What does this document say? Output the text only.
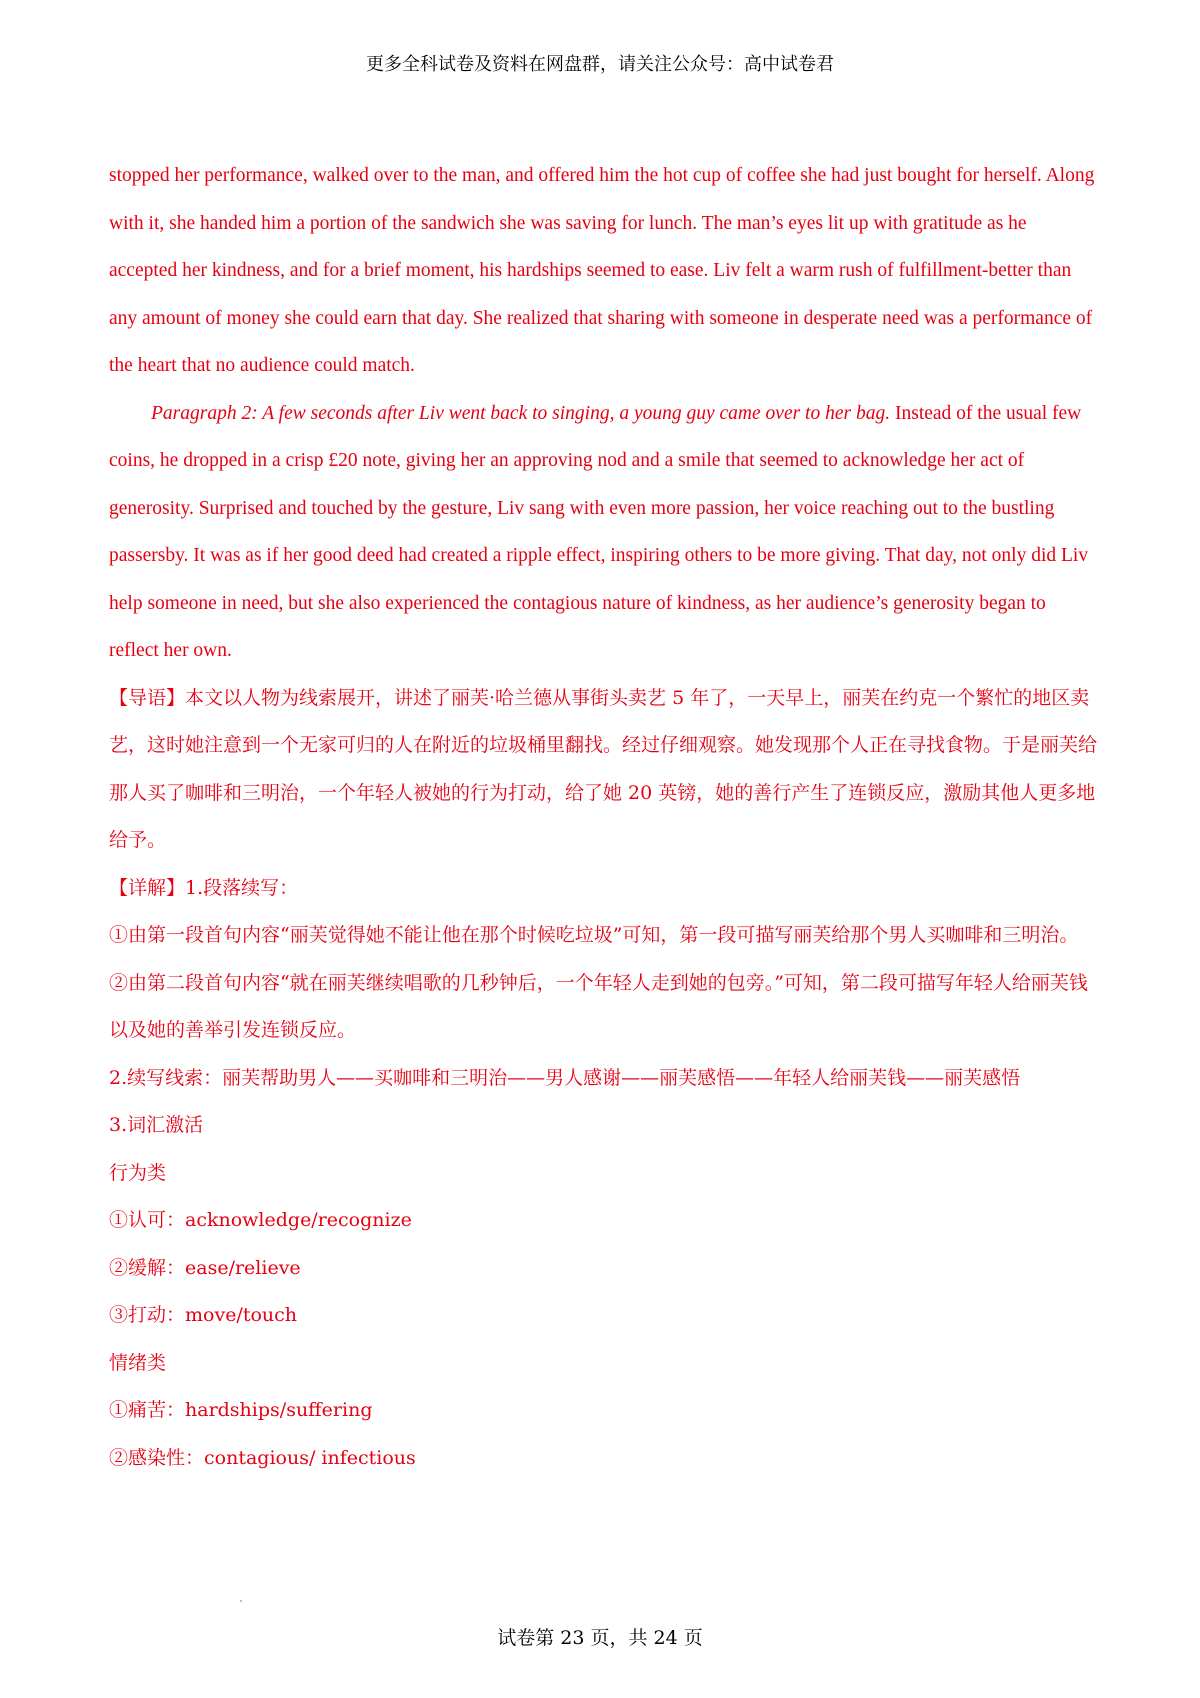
更多全科试卷及资料在网盘群，请关注公众号：高中试卷君

stopped her performance, walked over to the man, and offered him the hot cup of coffee she had just bought for herself. Along with it, she handed him a portion of the sandwich she was saving for lunch. The man’s eyes lit up with gratitude as he accepted her kindness, and for a brief moment, his hardships seemed to ease. Liv felt a warm rush of fulfillment-better than any amount of money she could earn that day. She realized that sharing with someone in desperate need was a performance of the heart that no audience could match.

Paragraph 2: A few seconds after Liv went back to singing, a young guy came over to her bag. Instead of the usual few coins, he dropped in a crisp £20 note, giving her an approving nod and a smile that seemed to acknowledge her act of generosity. Surprised and touched by the gesture, Liv sang with even more passion, her voice reaching out to the bustling passersby. It was as if her good deed had created a ripple effect, inspiring others to be more giving. That day, not only did Liv help someone in need, but she also experienced the contagious nature of kindness, as her audience’s generosity began to reflect her own.

【导语】本文以人物为线索展开，讲述了丽芙·哈兰德从事街头卖艺 5 年了，一天早上，丽芙在约克一个繁忙的地区卖艺，这时她注意到一个无家可归的人在附近的垃圾桶里翻找。经过仔细观察。她发现那个人正在寻找食物。于是丽芙给那人买了咖啡和三明治，一个年轻人被她的行为打动，给了她 20 英镑，她的善行产生了连锁反应，激励其他人更多地给予。

【详解】1.段落续写：

①由第一段首句内容“丽芙觉得她不能让他在那个时候吃垃圾”可知，第一段可描写丽芙给那个男人买咖啡和三明治。

②由第二段首句内容“就在丽芙继续唱歌的几秒钟后，一个年轻人走到她的包旁。”可知，第二段可描写年轻人给丽芙钱以及她的善举引发连锁反应。

2.续写线索：丽芙帮助男人——买咖啡和三明治——男人感谢——丽芙感悟——年轻人给丽芙钱——丽芙感悟

3.词汇激活

行为类

①认可：acknowledge/recognize

②缓解：ease/relieve

③打动：move/touch

情绪类

①痛苦：hardships/suffering

②感染性：contagious/ infectious

试卷第 23 页，共 24 页
